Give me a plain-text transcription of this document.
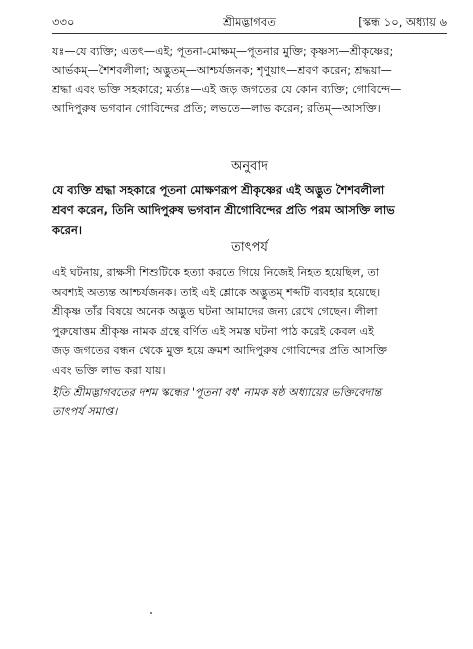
৩৩০	শ্রীমদ্ভাগবত	[স্কন্ধ ১০, অধ্যায় ৬
যঃ—যে ব্যক্তি; এতৎ—এই; পূতনা-মোক্ষম্—পূতনার মুক্তি; কৃষ্ণস্য—শ্রীকৃষ্ণের;
আর্ভকম্—শৈশবলীলা; অদ্ভুতম্—আশ্চর্যজনক; শৃণুয়াৎ—শ্রবণ করেন; শ্রদ্ধয়া—
শ্রদ্ধা এবং ভক্তি সহকারে; মর্ত্যঃ—এই জড় জগতের যে কোন ব্যক্তি; গোবিন্দে—
আদিপুরুষ ভগবান গোবিন্দের প্রতি; লভতে—লাভ করেন; রতিম্—আসক্তি।
অনুবাদ
যে ব্যক্তি শ্রদ্ধা সহকারে পূতনা মোক্ষণরূপ শ্রীকৃষ্ণের এই অদ্ভুত শৈশবলীলা
শ্রবণ করেন, তিনি আদিপুরুষ ভগবান শ্রীগোবিন্দের প্রতি পরম আসক্তি লাভ
করেন।
তাৎপর্য
এই ঘটনায়, রাক্ষসী শিশুটিকে হত্যা করতে গিয়ে নিজেই নিহত হয়েছিল, তা
অবশ্যই অত্যন্ত আশ্চর্যজনক। তাই এই শ্লোকে অদ্ভুতম্ শব্দটি ব্যবহার হয়েছে।
শ্রীকৃষ্ণ তাঁর বিষয়ে অনেক অদ্ভুত ঘটনা আমাদের জন্য রেখে গেছেন। লীলা
পুরুষোত্তম শ্রীকৃষ্ণ নামক গ্রন্থে বর্ণিত এই সমস্ত ঘটনা পাঠ করেই কেবল এই
জড় জগতের বন্ধন থেকে মুক্ত হয়ে ক্রমশ আদিপুরুষ গোবিন্দের প্রতি আসক্তি
এবং ভক্তি লাভ করা যায়।
ইতি শ্রীমদ্ভাগবতের দশম স্কন্ধের 'পূতনা বধ' নামক ষষ্ঠ অধ্যায়ের ভক্তিবেদান্ত
তাৎপর্য সমাপ্ত।
